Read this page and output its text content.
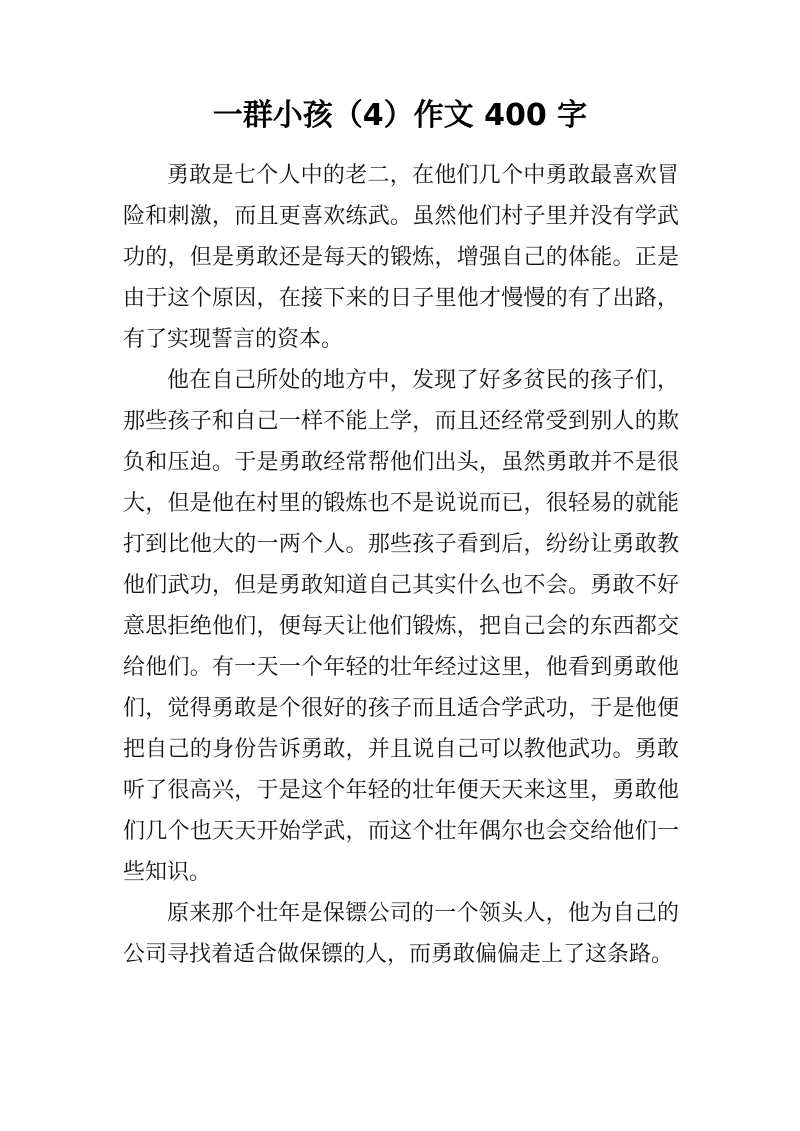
一群小孩（4）作文 400 字

勇敢是七个人中的老二，在他们几个中勇敢最喜欢冒险和刺激，而且更喜欢练武。虽然他们村子里并没有学武功的，但是勇敢还是每天的锻炼，增强自己的体能。正是由于这个原因，在接下来的日子里他才慢慢的有了出路，有了实现誓言的资本。

他在自己所处的地方中，发现了好多贫民的孩子们，那些孩子和自己一样不能上学，而且还经常受到别人的欺负和压迫。于是勇敢经常帮他们出头，虽然勇敢并不是很大，但是他在村里的锻炼也不是说说而已，很轻易的就能打到比他大的一两个人。那些孩子看到后，纷纷让勇敢教他们武功，但是勇敢知道自己其实什么也不会。勇敢不好意思拒绝他们，便每天让他们锻炼，把自己会的东西都交给他们。有一天一个年轻的壮年经过这里，他看到勇敢他们，觉得勇敢是个很好的孩子而且适合学武功，于是他便把自己的身份告诉勇敢，并且说自己可以教他武功。勇敢听了很高兴，于是这个年轻的壮年便天天来这里，勇敢他们几个也天天开始学武，而这个壮年偶尔也会交给他们一些知识。

原来那个壮年是保镖公司的一个领头人，他为自己的公司寻找着适合做保镖的人，而勇敢偏偏走上了这条路。
